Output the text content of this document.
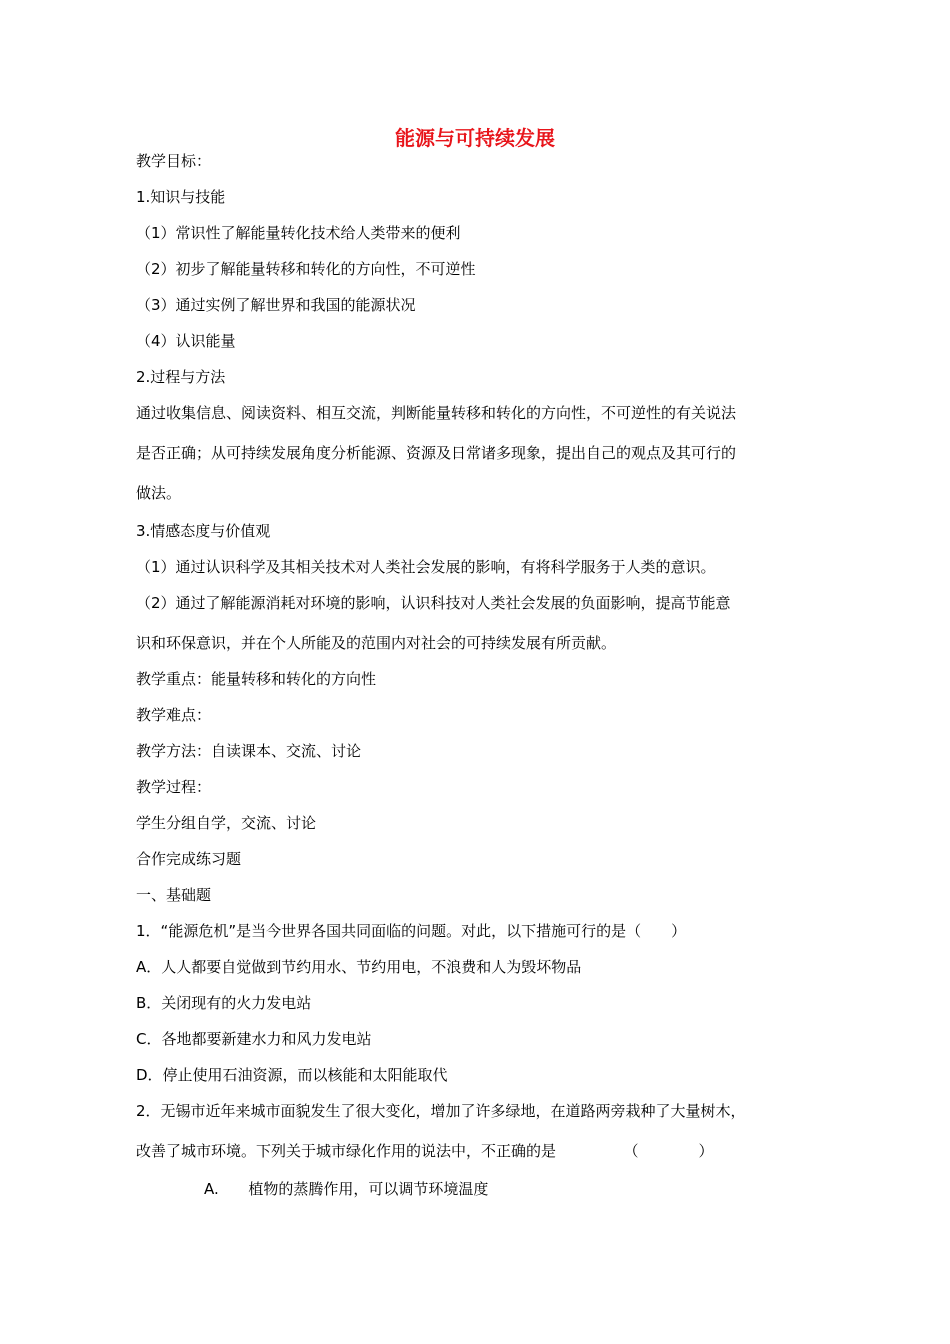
能源与可持续发展
教学目标：
1.知识与技能
（1）常识性了解能量转化技术给人类带来的便利
（2）初步了解能量转移和转化的方向性，不可逆性
（3）通过实例了解世界和我国的能源状况
（4）认识能量
2.过程与方法
通过收集信息、阅读资料、相互交流，判断能量转移和转化的方向性，不可逆性的有关说法
是否正确；从可持续发展角度分析能源、资源及日常诸多现象，提出自己的观点及其可行的
做法。
3.情感态度与价值观
（1）通过认识科学及其相关技术对人类社会发展的影响，有将科学服务于人类的意识。
（2）通过了解能源消耗对环境的影响，认识科技对人类社会发展的负面影响，提高节能意
识和环保意识，并在个人所能及的范围内对社会的可持续发展有所贡献。
教学重点：能量转移和转化的方向性
教学难点：
教学方法：自读课本、交流、讨论
教学过程：
学生分组自学，交流、讨论
合作完成练习题
一、基础题
1．“能源危机”是当今世界各国共同面临的问题。对此，以下措施可行的是（　　）
A．人人都要自觉做到节约用水、节约用电，不浪费和人为毁坏物品
B．关闭现有的火力发电站
C．各地都要新建水力和风力发电站
D．停止使用石油资源，而以核能和太阳能取代
2．无锡市近年来城市面貌发生了很大变化，增加了许多绿地，在道路两旁栽种了大量树木，
改善了城市环境。下列关于城市绿化作用的说法中，不正确的是　　　　　（　　　　）
A. 植物的蒸腾作用，可以调节环境温度
